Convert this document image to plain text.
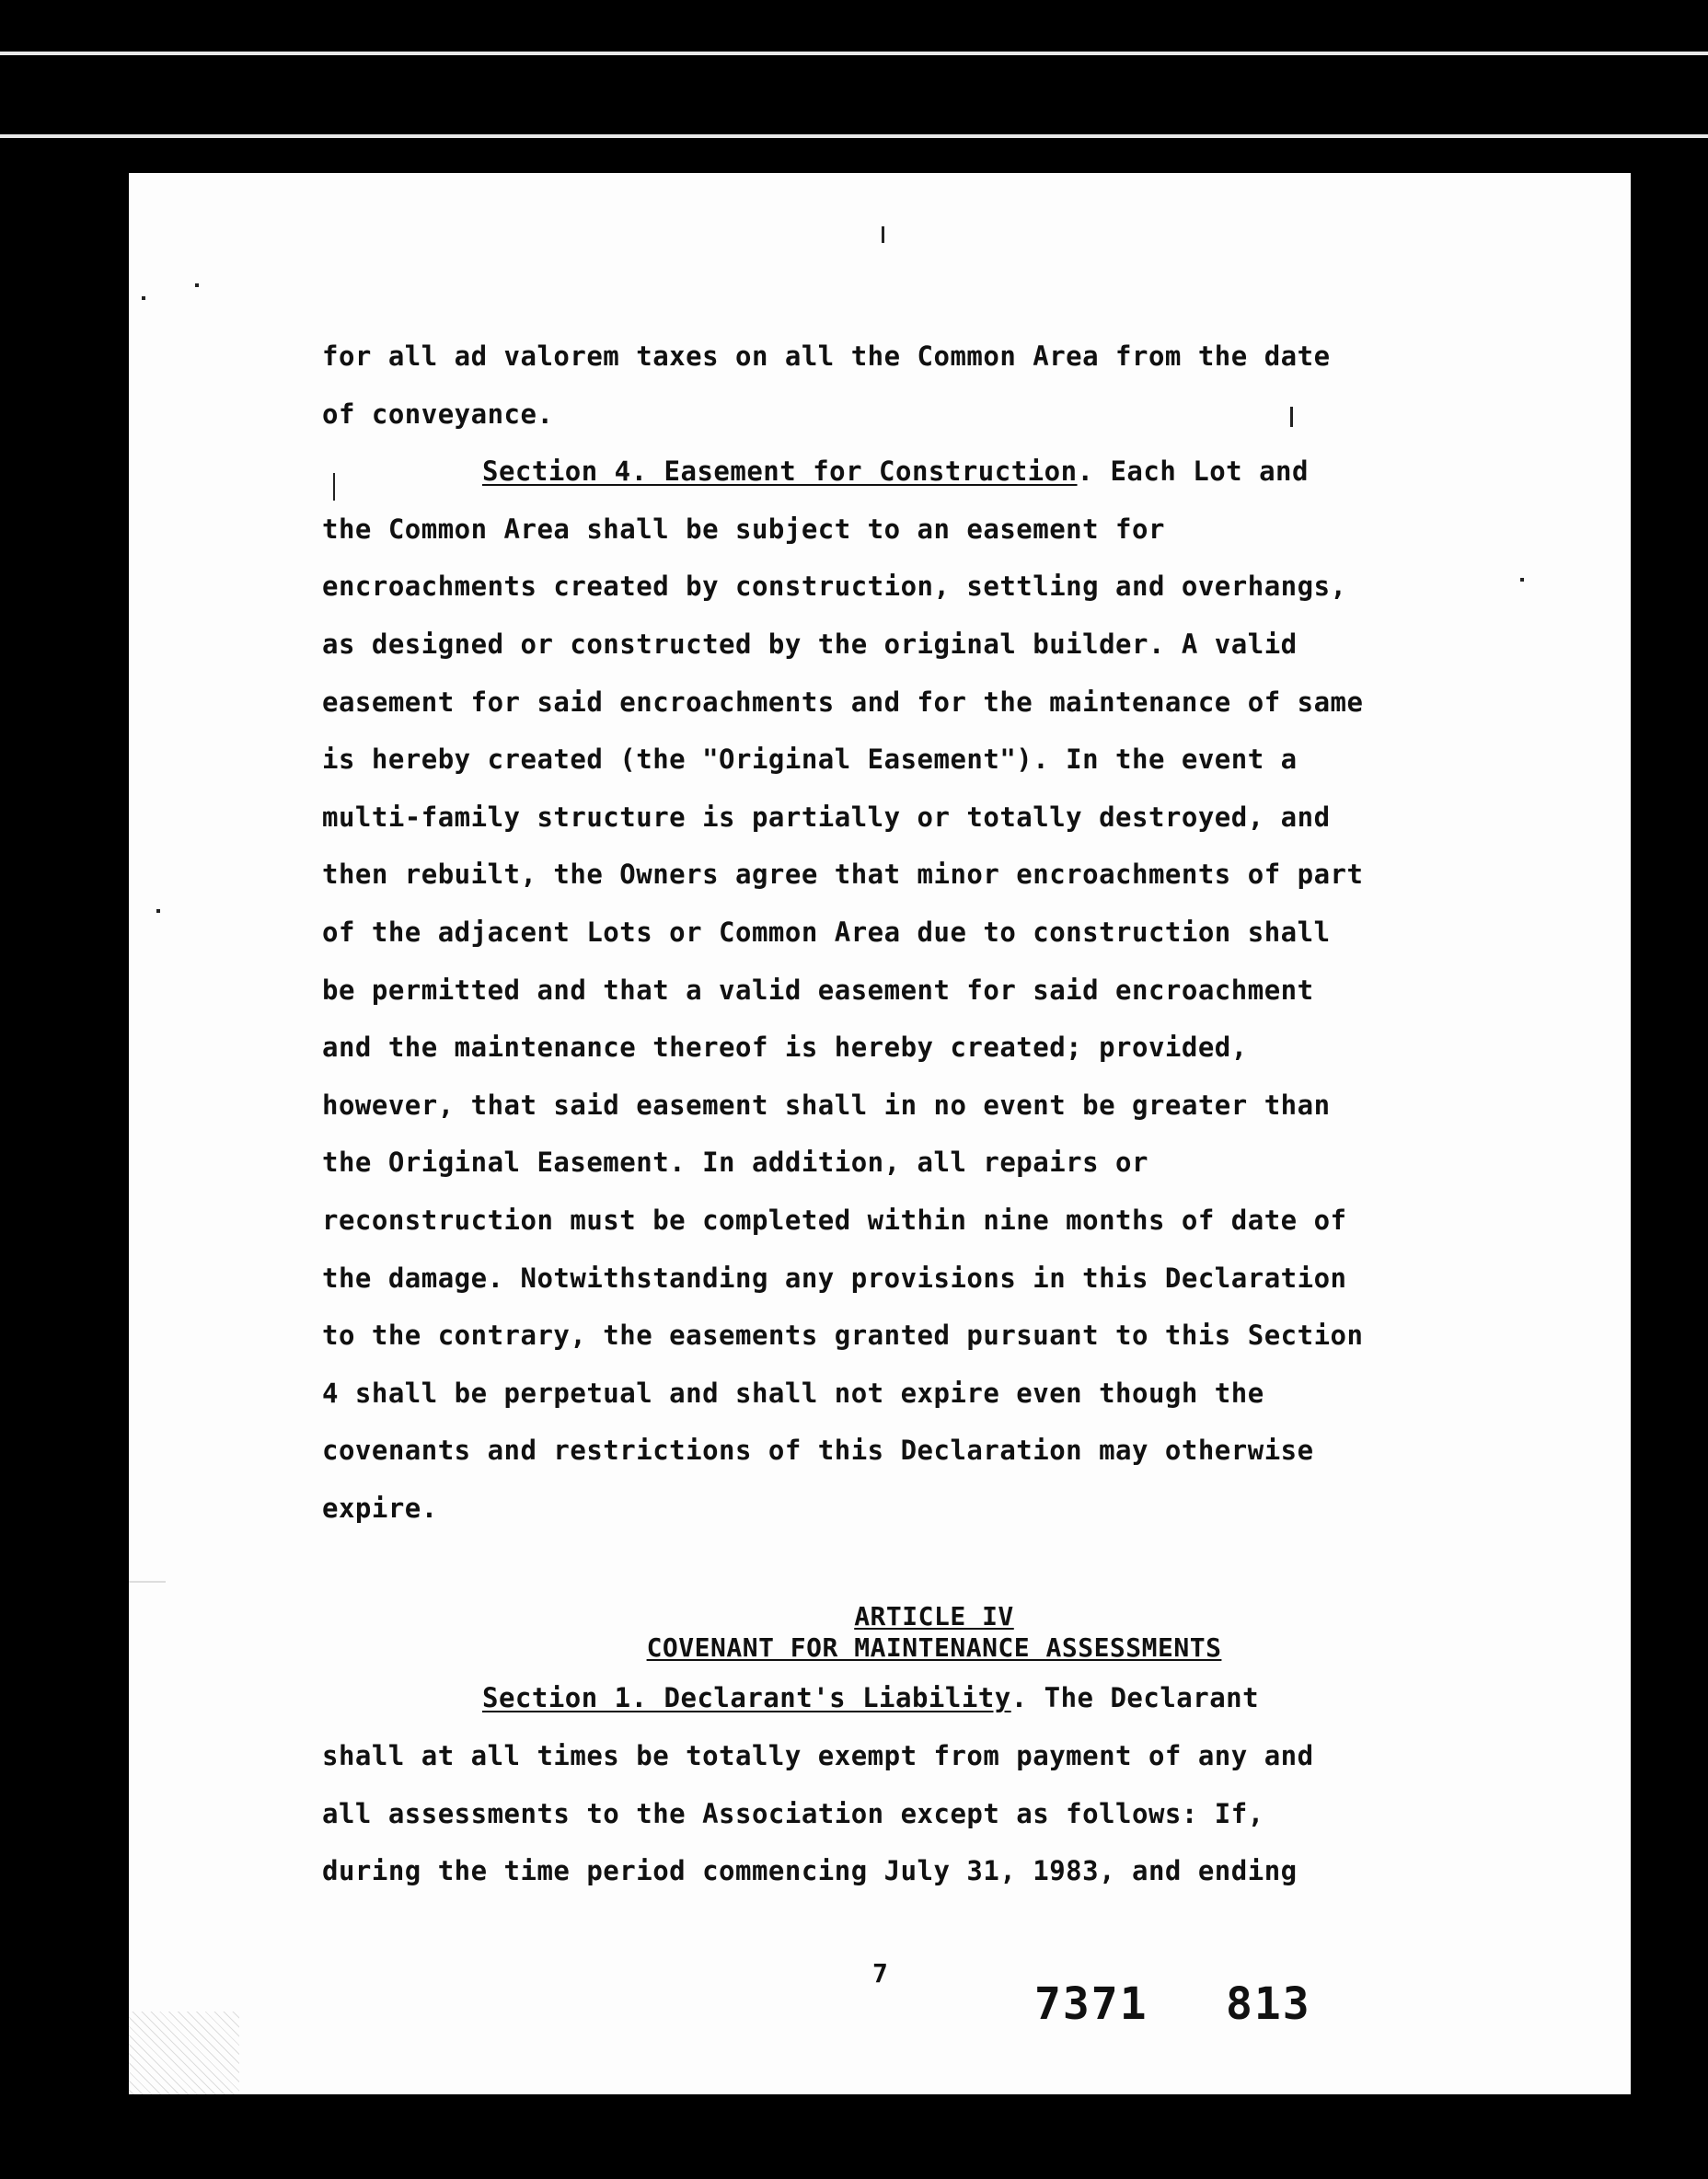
for all ad valorem taxes on all the Common Area from the date
of conveyance.
Section 4. Easement for Construction. Each Lot and
the Common Area shall be subject to an easement for
encroachments created by construction, settling and overhangs,
as designed or constructed by the original builder. A valid
easement for said encroachments and for the maintenance of same
is hereby created (the "Original Easement"). In the event a
multi-family structure is partially or totally destroyed, and
then rebuilt, the Owners agree that minor encroachments of part
of the adjacent Lots or Common Area due to construction shall
be permitted and that a valid easement for said encroachment
and the maintenance thereof is hereby created; provided,
however, that said easement shall in no event be greater than
the Original Easement. In addition, all repairs or
reconstruction must be completed within nine months of date of
the damage. Notwithstanding any provisions in this Declaration
to the contrary, the easements granted pursuant to this Section
4 shall be perpetual and shall not expire even though the
covenants and restrictions of this Declaration may otherwise
expire.
ARTICLE IV
COVENANT FOR MAINTENANCE ASSESSMENTS
Section 1. Declarant's Liability. The Declarant
shall at all times be totally exempt from payment of any and
all assessments to the Association except as follows: If,
during the time period commencing July 31, 1983, and ending
7
7371 813
